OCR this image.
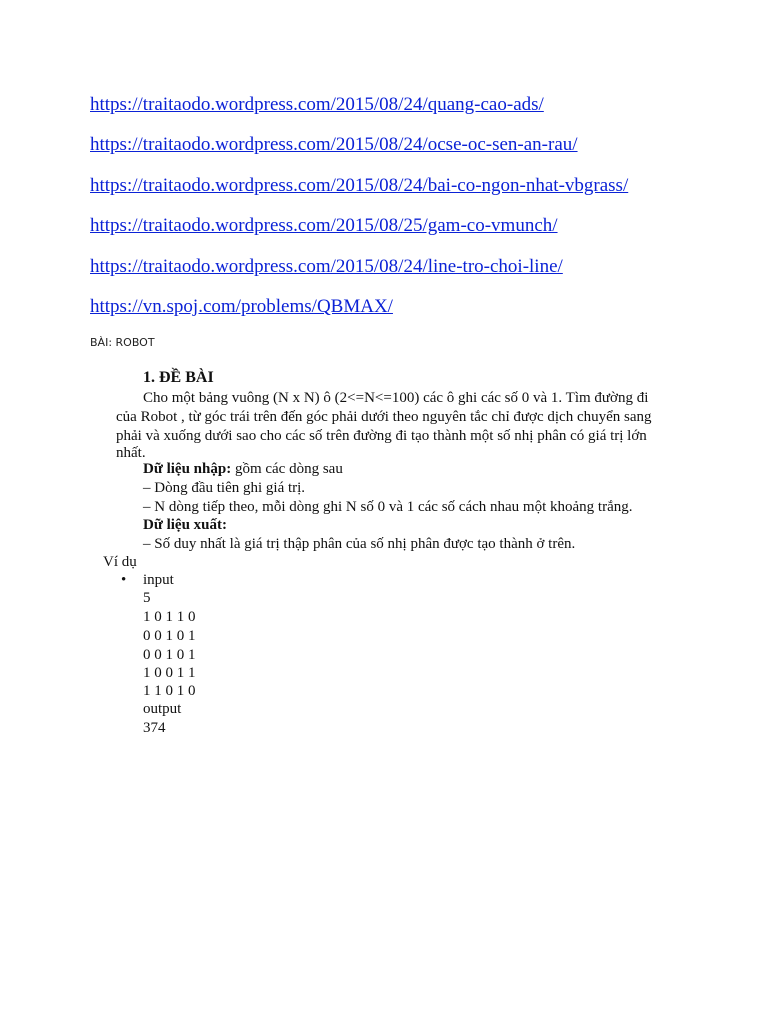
https://traitaodo.wordpress.com/2015/08/24/quang-cao-ads/
https://traitaodo.wordpress.com/2015/08/24/ocse-oc-sen-an-rau/
https://traitaodo.wordpress.com/2015/08/24/bai-co-ngon-nhat-vbgrass/
https://traitaodo.wordpress.com/2015/08/25/gam-co-vmunch/
https://traitaodo.wordpress.com/2015/08/24/line-tro-choi-line/
https://vn.spoj.com/problems/QBMAX/
BÀI: ROBOT
1. ĐỀ BÀI
Cho một bảng vuông (N x N) ô (2<=N<=100) các ô ghi các số 0 và 1. Tìm đường đi
của Robot , từ góc trái trên đến góc phải dưới theo nguyên tắc chỉ được dịch chuyển sang
phải và xuống dưới sao cho các số trên đường đi tạo thành một số nhị phân có giá trị lớn
nhất.
Dữ liệu nhập: gồm các dòng sau
– Dòng đầu tiên ghi giá trị.
– N dòng tiếp theo, mỗi dòng ghi N số 0 và 1 các số cách nhau một khoảng trắng.
Dữ liệu xuất:
– Số duy nhất là giá trị thập phân của số nhị phân được tạo thành ở trên.
Ví dụ
• input
5
1 0 1 1 0
0 0 1 0 1
0 0 1 0 1
1 0 0 1 1
1 1 0 1 0
output
374
